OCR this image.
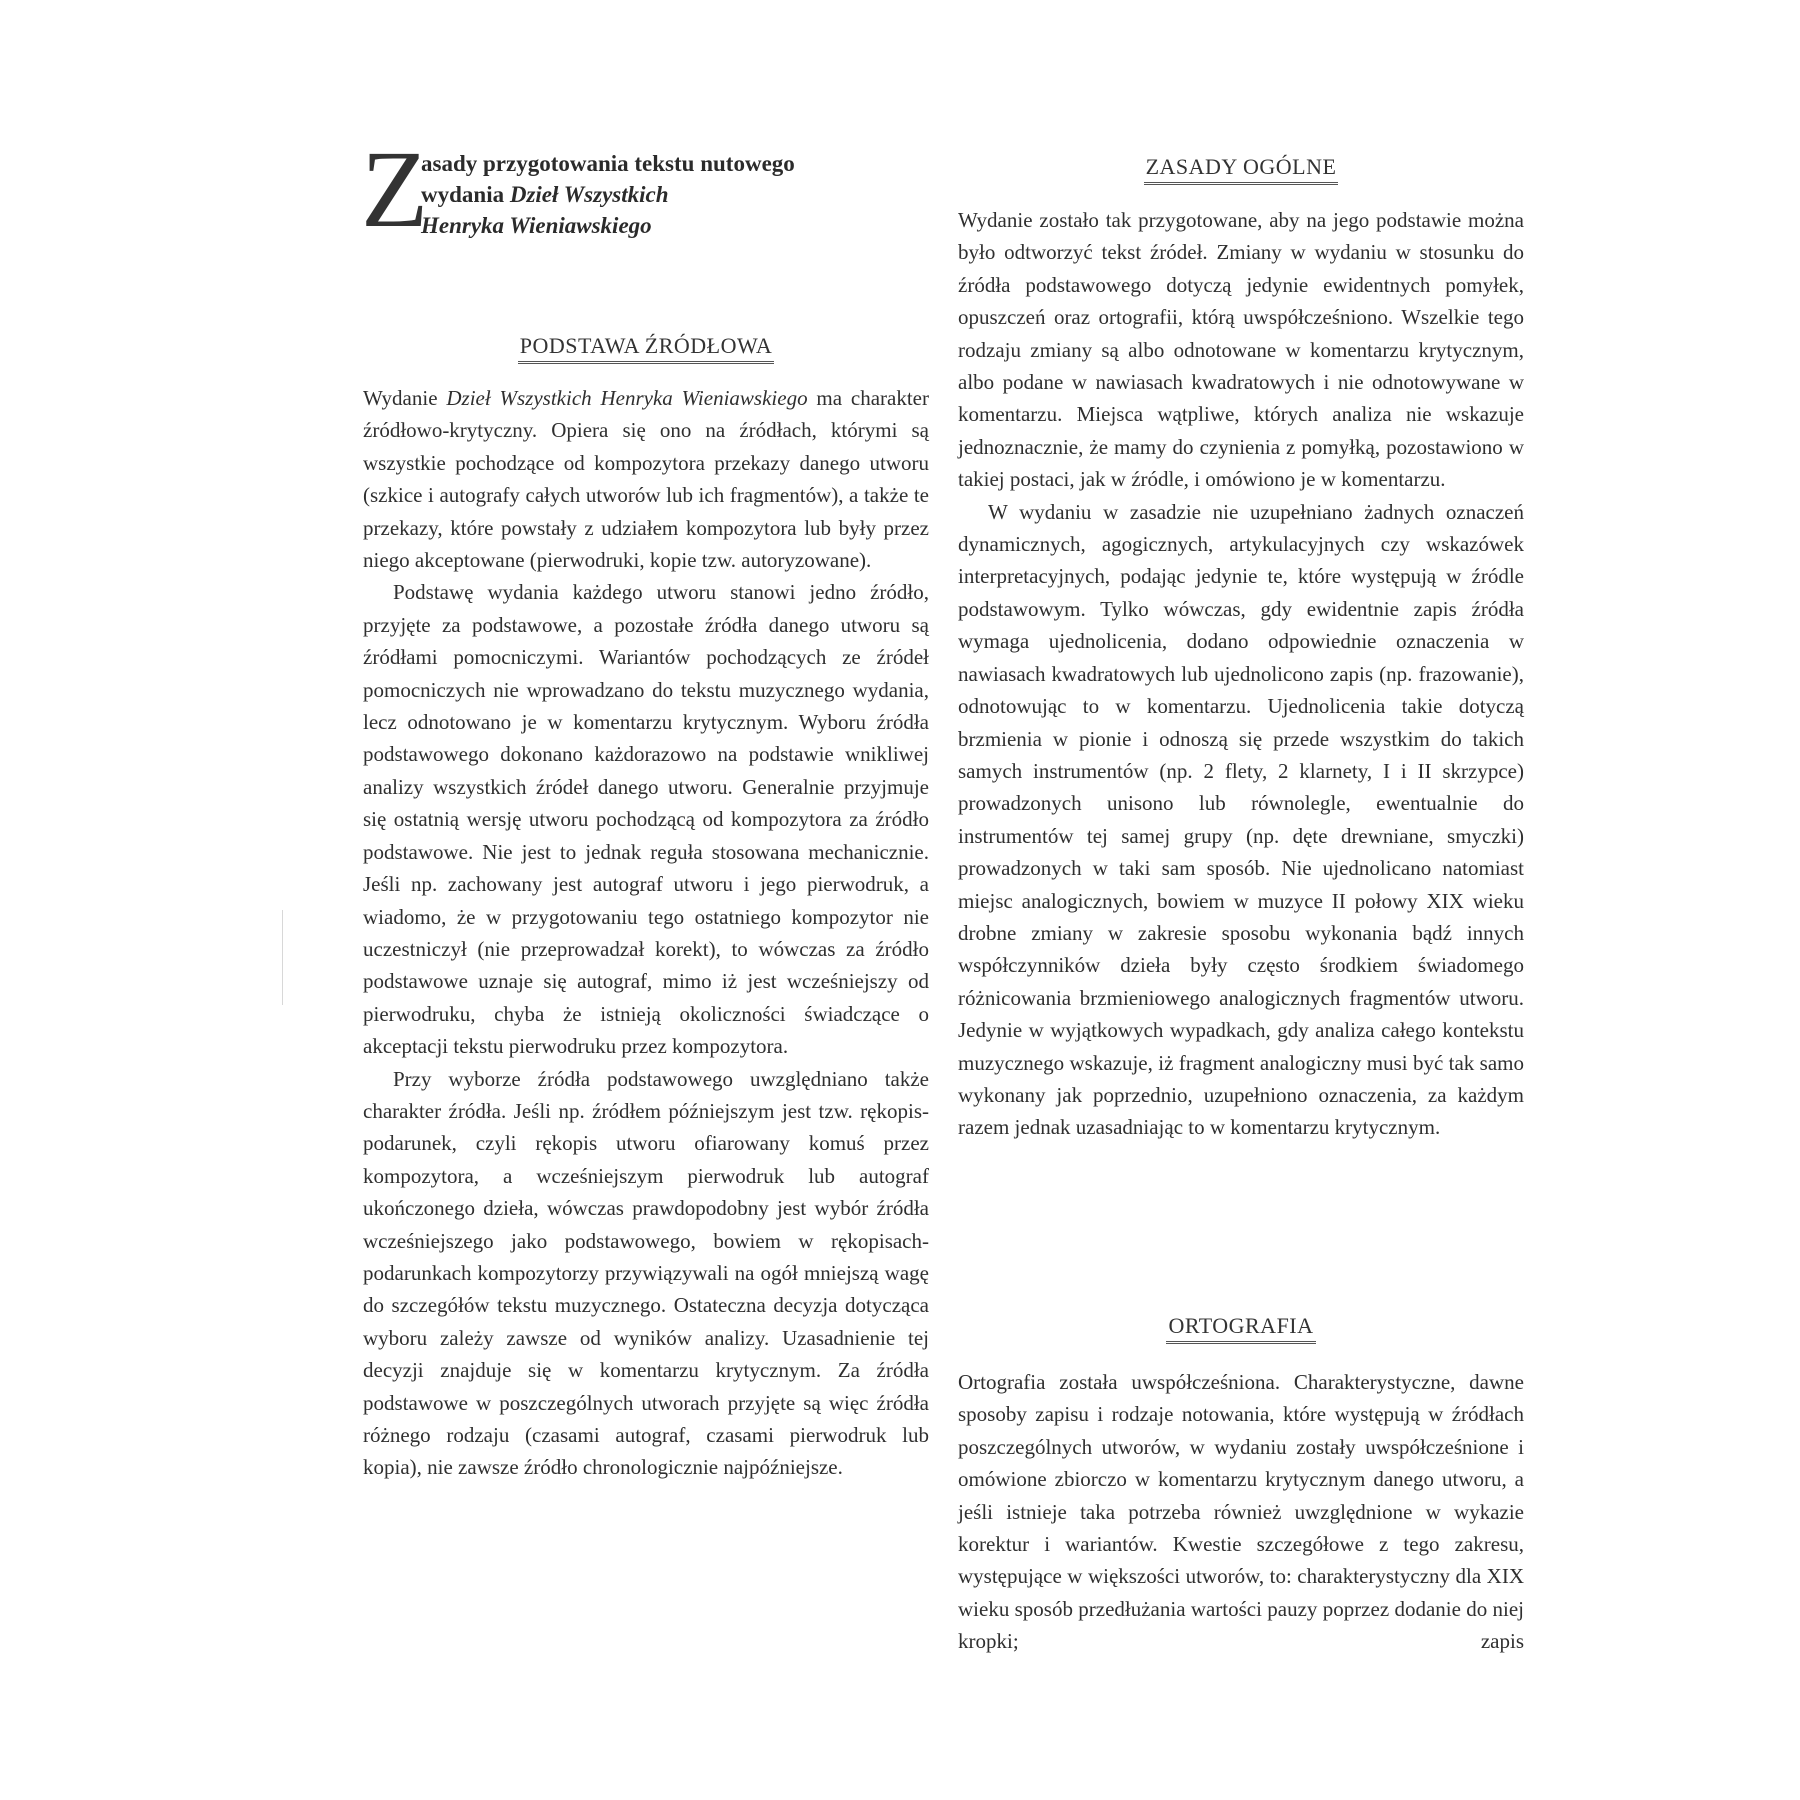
Z
asady przygotowania tekstu nutowego
wydania Dzieł Wszystkich
Henryka Wieniawskiego
PODSTAWA ŹRÓDŁOWA

Wydanie Dzieł Wszystkich Henryka Wieniawskiego ma charakter źródłowo-krytyczny. Opiera się ono na źródłach, którymi są wszystkie pochodzące od kompozytora przekazy danego utworu (szkice i autografy całych utworów lub ich fragmentów), a także te przekazy, które powstały z udziałem kompozytora lub były przez niego akceptowane (pierwodruki, kopie tzw. autoryzowane).

Podstawę wydania każdego utworu stanowi jedno źródło, przyjęte za podstawowe, a pozostałe źródła danego utworu są źródłami pomocniczymi. Wariantów pochodzących ze źródeł pomocniczych nie wprowadzano do tekstu muzycznego wydania, lecz odnotowano je w komentarzu krytycznym. Wyboru źródła podstawowego dokonano każdorazowo na podstawie wnikliwej analizy wszystkich źródeł danego utworu. Generalnie przyjmuje się ostatnią wersję utworu pochodzącą od kompozytora za źródło podstawowe. Nie jest to jednak reguła stosowana mechanicznie. Jeśli np. zachowany jest autograf utworu i jego pierwodruk, a wiadomo, że w przygotowaniu tego ostatniego kompozytor nie uczestniczył (nie przeprowadzał korekt), to wówczas za źródło podstawowe uznaje się autograf, mimo iż jest wcześniejszy od pierwodruku, chyba że istnieją okoliczności świadczące o akceptacji tekstu pierwodruku przez kompozytora.

Przy wyborze źródła podstawowego uwzględniano także charakter źródła. Jeśli np. źródłem późniejszym jest tzw. rękopis-podarunek, czyli rękopis utworu ofiarowany komuś przez kompozytora, a wcześniejszym pierwodruk lub autograf ukończonego dzieła, wówczas prawdopodobny jest wybór źródła wcześniejszego jako podstawowego, bowiem w rękopisach-podarunkach kompozytorzy przywiązywali na ogół mniejszą wagę do szczegółów tekstu muzycznego. Ostateczna decyzja dotycząca wyboru zależy zawsze od wyników analizy. Uzasadnienie tej decyzji znajduje się w komentarzu krytycznym. Za źródła podstawowe w poszczególnych utworach przyjęte są więc źródła różnego rodzaju (czasami autograf, czasami pierwodruk lub kopia), nie zawsze źródło chronologicznie najpóźniejsze.

ZASADY OGÓLNE

Wydanie zostało tak przygotowane, aby na jego podstawie można było odtworzyć tekst źródeł. Zmiany w wydaniu w stosunku do źródła podstawowego dotyczą jedynie ewidentnych pomyłek, opuszczeń oraz ortografii, którą uwspółcześniono. Wszelkie tego rodzaju zmiany są albo odnotowane w komentarzu krytycznym, albo podane w nawiasach kwadratowych i nie odnotowywane w komentarzu. Miejsca wątpliwe, których analiza nie wskazuje jednoznacznie, że mamy do czynienia z pomyłką, pozostawiono w takiej postaci, jak w źródle, i omówiono je w komentarzu.

W wydaniu w zasadzie nie uzupełniano żadnych oznaczeń dynamicznych, agogicznych, artykulacyjnych czy wskazówek interpretacyjnych, podając jedynie te, które występują w źródle podstawowym. Tylko wówczas, gdy ewidentnie zapis źródła wymaga ujednolicenia, dodano odpowiednie oznaczenia w nawiasach kwadratowych lub ujednolicono zapis (np. frazowanie), odnotowując to w komentarzu. Ujednolicenia takie dotyczą brzmienia w pionie i odnoszą się przede wszystkim do takich samych instrumentów (np. 2 flety, 2 klarnety, I i II skrzypce) prowadzonych unisono lub równolegle, ewentualnie do instrumentów tej samej grupy (np. dęte drewniane, smyczki) prowadzonych w taki sam sposób. Nie ujednolicano natomiast miejsc analogicznych, bowiem w muzyce II połowy XIX wieku drobne zmiany w zakresie sposobu wykonania bądź innych współczynników dzieła były często środkiem świadomego różnicowania brzmieniowego analogicznych fragmentów utworu. Jedynie w wyjątkowych wypadkach, gdy analiza całego kontekstu muzycznego wskazuje, iż fragment analogiczny musi być tak samo wykonany jak poprzednio, uzupełniono oznaczenia, za każdym razem jednak uzasadniając to w komentarzu krytycznym.

ORTOGRAFIA

Ortografia została uwspółcześniona. Charakterystyczne, dawne sposoby zapisu i rodzaje notowania, które występują w źródłach poszczególnych utworów, w wydaniu zostały uwspółcześnione i omówione zbiorczo w komentarzu krytycznym danego utworu, a jeśli istnieje taka potrzeba również uwzględnione w wykazie korektur i wariantów. Kwestie szczegółowe z tego zakresu, występujące w większości utworów, to: charakterystyczny dla XIX wieku sposób przedłużania wartości pauzy poprzez dodanie do niej kropki; zapis
